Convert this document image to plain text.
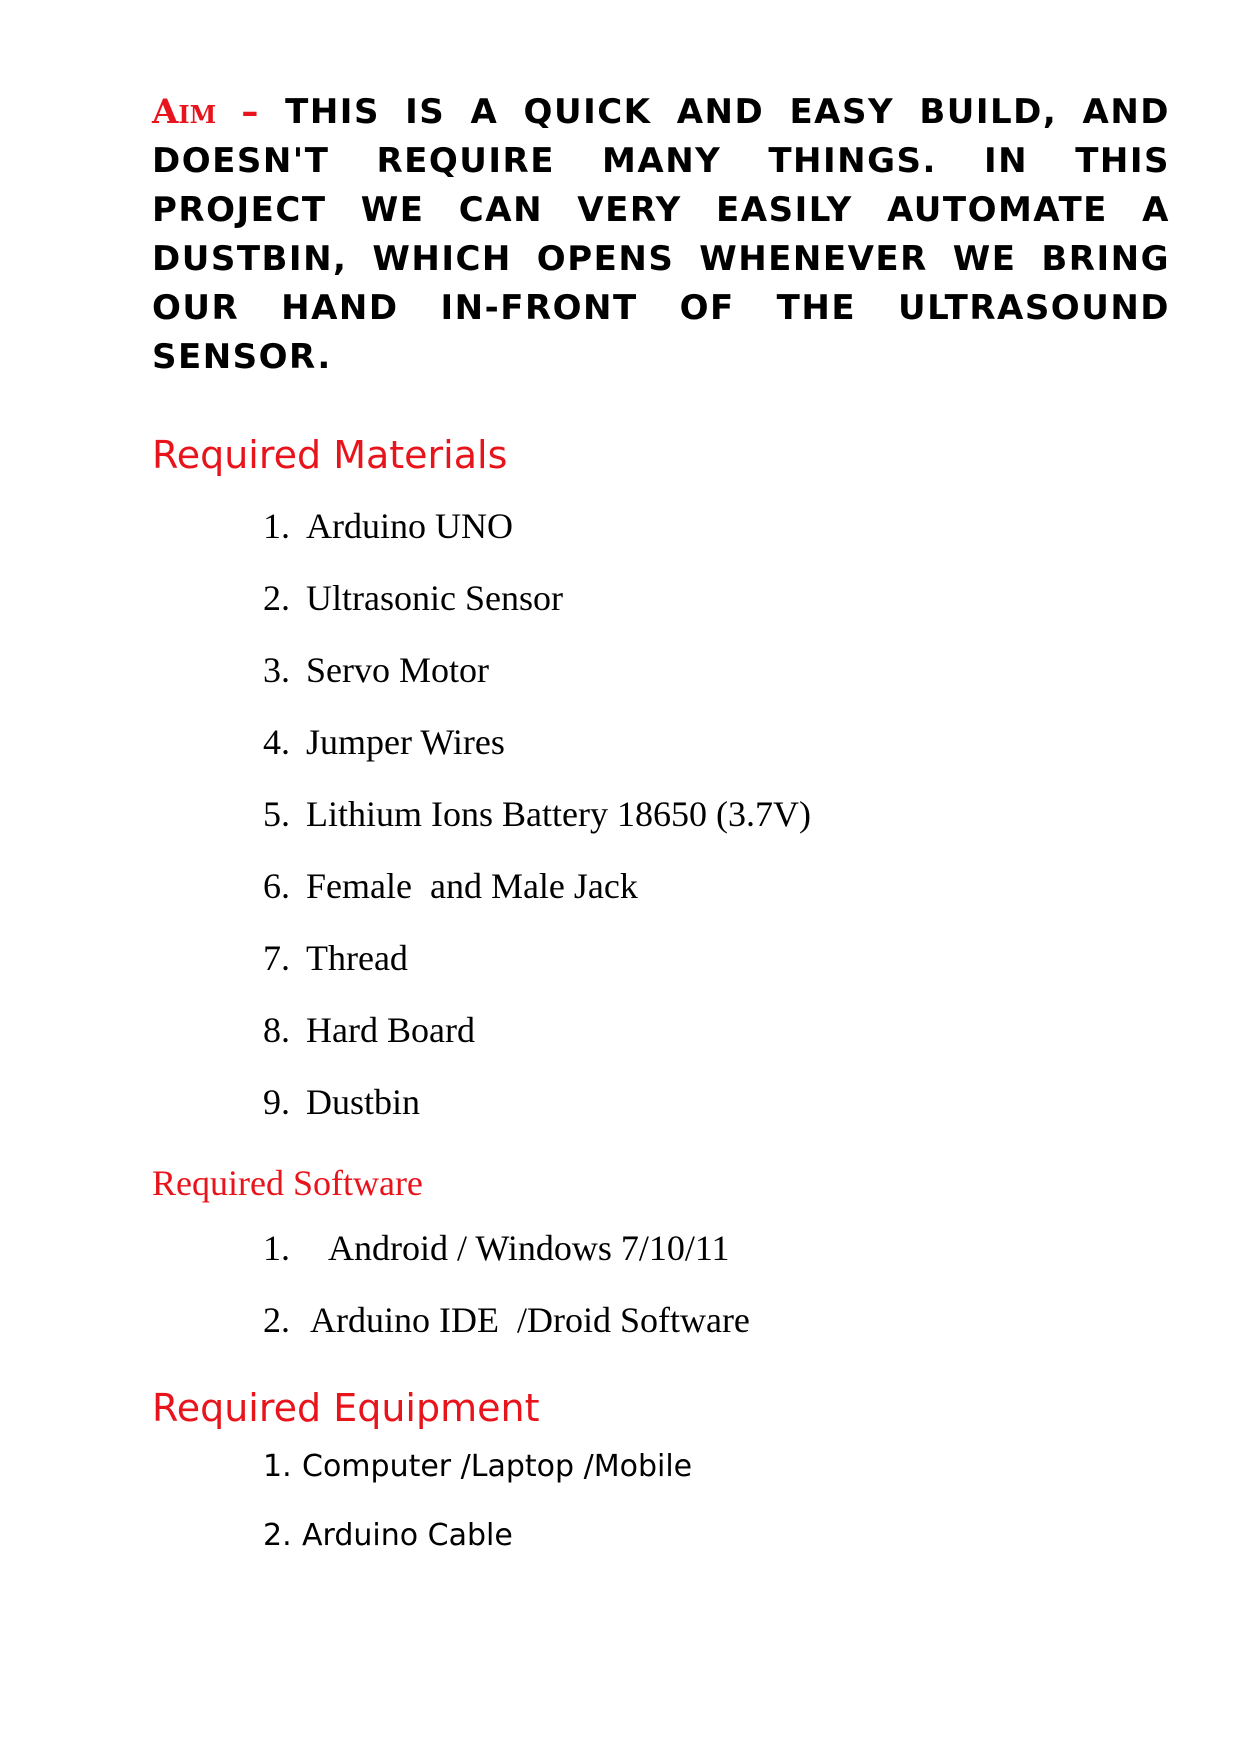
Aim – THIS IS A QUICK AND EASY BUILD, AND DOESN'T REQUIRE MANY THINGS. IN THIS PROJECT WE CAN VERY EASILY AUTOMATE A DUSTBIN, WHICH OPENS WHENEVER WE BRING OUR HAND IN-FRONT OF THE ULTRASOUND SENSOR.

Required Materials
1. Arduino UNO
2. Ultrasonic Sensor
3. Servo Motor
4. Jumper Wires
5. Lithium Ions Battery 18650 (3.7V)
6. Female  and Male Jack
7. Thread
8. Hard Board
9. Dustbin
Required Software
1. Android / Windows 7/10/11
2. Arduino IDE  /Droid Software
Required Equipment
1. Computer /Laptop /Mobile
2. Arduino Cable
